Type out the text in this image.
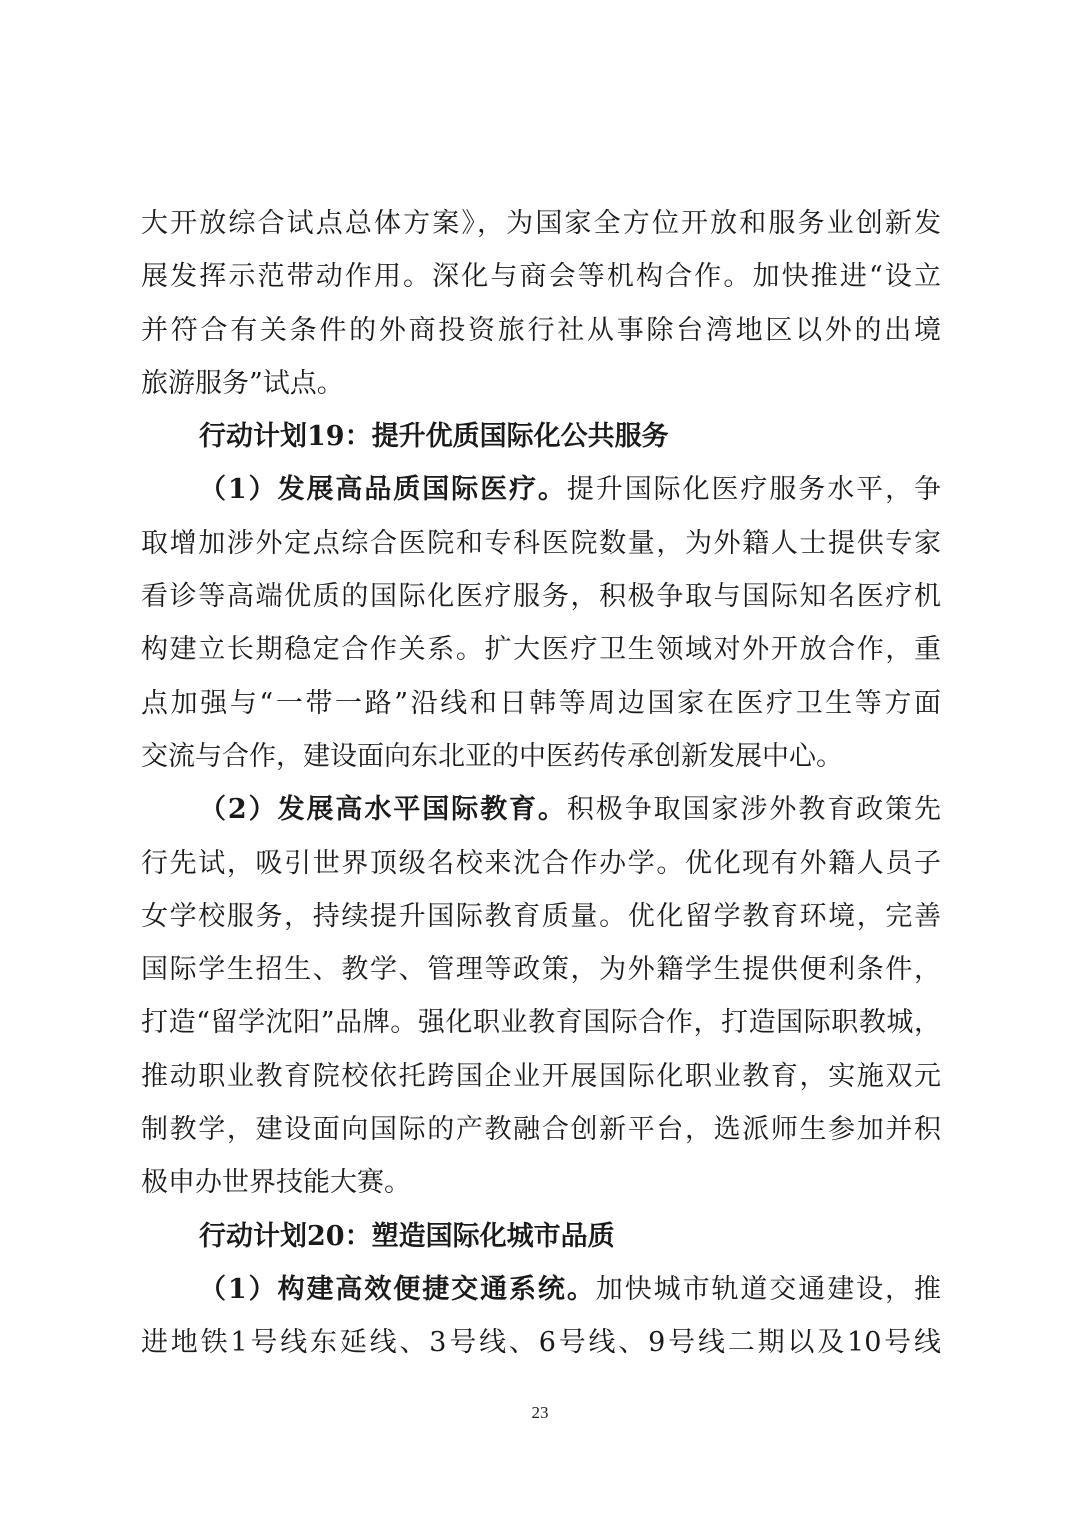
大开放综合试点总体方案》，为国家全方位开放和服务业创新发
展发挥示范带动作用。深化与商会等机构合作。加快推进“设立
并符合有关条件的外商投资旅行社从事除台湾地区以外的出境
旅游服务”试点。
行动计划19：提升优质国际化公共服务
（1）发展高品质国际医疗。提升国际化医疗服务水平，争
取增加涉外定点综合医院和专科医院数量，为外籍人士提供专家
看诊等高端优质的国际化医疗服务，积极争取与国际知名医疗机
构建立长期稳定合作关系。扩大医疗卫生领域对外开放合作，重
点加强与“一带一路”沿线和日韩等周边国家在医疗卫生等方面
交流与合作，建设面向东北亚的中医药传承创新发展中心。
（2）发展高水平国际教育。积极争取国家涉外教育政策先
行先试，吸引世界顶级名校来沈合作办学。优化现有外籍人员子
女学校服务，持续提升国际教育质量。优化留学教育环境，完善
国际学生招生、教学、管理等政策，为外籍学生提供便利条件，
打造“留学沈阳”品牌。强化职业教育国际合作，打造国际职教城，
推动职业教育院校依托跨国企业开展国际化职业教育，实施双元
制教学，建设面向国际的产教融合创新平台，选派师生参加并积
极申办世界技能大赛。
行动计划20：塑造国际化城市品质
（1）构建高效便捷交通系统。加快城市轨道交通建设，推
进地铁1号线东延线、3号线、6号线、9号线二期以及10号线
23
